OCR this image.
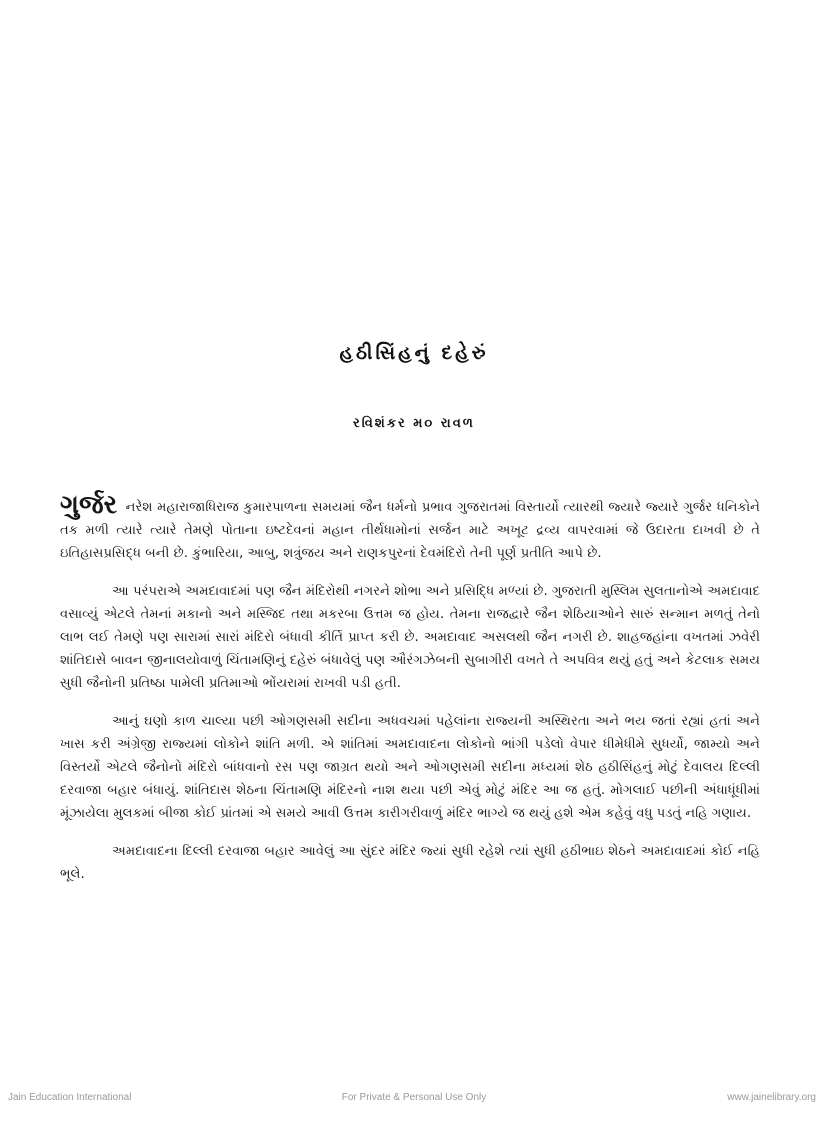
હઠીસિંહનું દહેરું
રવિશંકર મ૦ રાવળ

ગુર્જર નરેશ મહારાજાધિરાજ કુમારપાળના સમયમાં જૈન ધર્મનો પ્રભાવ ગુજરાતમાં વિસ્તાર્યો ત્યારથી જ્યારે જ્યારે ગુર્જર ધનિકોને તક મળી ત્યારે ત્યારે તેમણે પોતાના ઇષ્ટદેવનાં મહાન તીર્થધામોનાં સર્જન માટે અખૂટ દ્રવ્ય વાપરવામાં જે ઉદારતા દાખવી છે તે ઇતિહાસપ્રસિદ્ધ બની છે. કુંભારિયા, આબુ, શત્રુંજય અને રાણકપુરનાં દેવમંદિરો તેની પૂર્ણ પ્રતીતિ આપે છે.

આ પરંપરાએ અમદાવાદમાં પણ જૈન મંદિરોથી નગરને શોભા અને પ્રસિદ્ધિ મળ્યાં છે. ગુજરાતી મુસ્લિમ સુલતાનોએ અમદાવાદ વસાવ્યું એટલે તેમનાં મકાનો અને મસ્જિદ તથા મકરબા ઉત્તમ જ હોય. તેમના રાજદ્વારે જૈન શેઠિયાઓને સારું સન્માન મળતું તેનો લાભ લઈ તેમણે પણ સારામાં સારાં મંદિરો બંધાવી કીર્તિ પ્રાપ્ત કરી છે. અમદાવાદ અસલથી જૈન નગરી છે. શાહજહાંના વખતમાં ઝવેરી શાંતિદાસે બાવન જીનાલયોવાળું ચિંતામણિનું દહેરું બંધાવેલું પણ ઔરંગઝેબની સુબાગીરી વખતે તે અપવિત્ર થયું હતું અને કેટલાક સમય સુધી જૈનોની પ્રતિષ્ઠા પામેલી પ્રતિમાઓ ભોંયરામાં રાખવી પડી હતી.

આનું ઘણો કાળ ચાલ્યા પછી ઓગણસમી સદીના અધવચમાં પહેલાંના રાજ્યની અસ્થિરતા અને ભય જતાં રહ્યાં હતાં અને ખાસ કરી અંગ્રેજી રાજ્યમાં લોકોને શાંતિ મળી. એ શાંતિમાં અમદાવાદના લોકોનો ભાંગી પડેલો વેપાર ધીમેધીમે સુધર્યો, જામ્યો અને વિસ્તર્યો એટલે જૈનોનો મંદિરો બાંધવાનો રસ પણ જાગ્રત થયો અને ઓગણસમી સદીના મધ્યમાં શેઠ હઠીસિંહનું મોટું દેવાલય દિલ્લી દરવાજા બહાર બંધાયું. શાંતિદાસ શેઠના ચિંતામણિ મંદિરનો નાશ થયા પછી એવું મોટું મંદિર આ જ હતું. મોગલાઈ પછીની અંધાધૂંધીમાં મૂંઝાયેલા મુલકમાં બીજા કોઈ પ્રાંતમાં એ સમયે આવી ઉત્તમ કારીગરીવાળું મંદિર ભાગ્યે જ થયું હશે એમ કહેવું વધુ પડતું નહિ ગણાય.

અમદાવાદના દિલ્લી દરવાજા બહાર આવેલું આ સુંદર મંદિર જ્યાં સુધી રહેશે ત્યાં સુધી હઠીભાઇ શેઠને અમદાવાદમાં કોઈ નહિ ભૂલે.

Jain Education International	For Private & Personal Use Only	www.jainelibrary.org
